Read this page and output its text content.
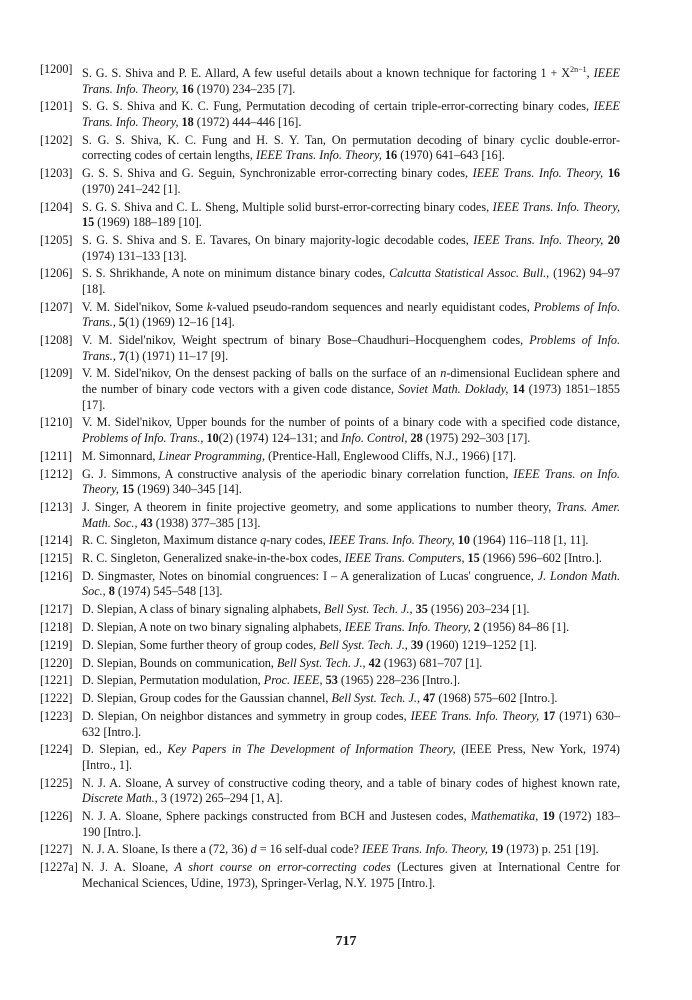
[1200] S. G. S. Shiva and P. E. Allard, A few useful details about a known technique for factoring $1 + X^{2n-1}$, IEEE Trans. Info. Theory, 16 (1970) 234–235 [7].
[1201] S. G. S. Shiva and K. C. Fung, Permutation decoding of certain triple-error-correcting binary codes, IEEE Trans. Info. Theory, 18 (1972) 444–446 [16].
[1202] S. G. S. Shiva, K. C. Fung and H. S. Y. Tan, On permutation decoding of binary cyclic double-error-correcting codes of certain lengths, IEEE Trans. Info. Theory, 16 (1970) 641–643 [16].
[1203] G. S. S. Shiva and G. Seguin, Synchronizable error-correcting binary codes, IEEE Trans. Info. Theory, 16 (1970) 241–242 [1].
[1204] S. G. S. Shiva and C. L. Sheng, Multiple solid burst-error-correcting binary codes, IEEE Trans. Info. Theory, 15 (1969) 188–189 [10].
[1205] S. G. S. Shiva and S. E. Tavares, On binary majority-logic decodable codes, IEEE Trans. Info. Theory, 20 (1974) 131–133 [13].
[1206] S. S. Shrikhande, A note on minimum distance binary codes, Calcutta Statistical Assoc. Bull., (1962) 94–97 [18].
[1207] V. M. Sidel'nikov, Some k-valued pseudo-random sequences and nearly equidistant codes, Problems of Info. Trans., 5(1) (1969) 12–16 [14].
[1208] V. M. Sidel'nikov, Weight spectrum of binary Bose–Chaudhuri–Hocquenghem codes, Problems of Info. Trans., 7(1) (1971) 11–17 [9].
[1209] V. M. Sidel'nikov, On the densest packing of balls on the surface of an n-dimensional Euclidean sphere and the number of binary code vectors with a given code distance, Soviet Math. Doklady, 14 (1973) 1851–1855 [17].
[1210] V. M. Sidel'nikov, Upper bounds for the number of points of a binary code with a specified code distance, Problems of Info. Trans., 10(2) (1974) 124–131; and Info. Control, 28 (1975) 292–303 [17].
[1211] M. Simonnard, Linear Programming, (Prentice-Hall, Englewood Cliffs, N.J., 1966) [17].
[1212] G. J. Simmons, A constructive analysis of the aperiodic binary correlation function, IEEE Trans. on Info. Theory, 15 (1969) 340–345 [14].
[1213] J. Singer, A theorem in finite projective geometry, and some applications to number theory, Trans. Amer. Math. Soc., 43 (1938) 377–385 [13].
[1214] R. C. Singleton, Maximum distance q-nary codes, IEEE Trans. Info. Theory, 10 (1964) 116–118 [1, 11].
[1215] R. C. Singleton, Generalized snake-in-the-box codes, IEEE Trans. Computers, 15 (1966) 596–602 [Intro.].
[1216] D. Singmaster, Notes on binomial congruences: I – A generalization of Lucas' congruence, J. London Math. Soc., 8 (1974) 545–548 [13].
[1217] D. Slepian, A class of binary signaling alphabets, Bell Syst. Tech. J., 35 (1956) 203–234 [1].
[1218] D. Slepian, A note on two binary signaling alphabets, IEEE Trans. Info. Theory, 2 (1956) 84–86 [1].
[1219] D. Slepian, Some further theory of group codes, Bell Syst. Tech. J., 39 (1960) 1219–1252 [1].
[1220] D. Slepian, Bounds on communication, Bell Syst. Tech. J., 42 (1963) 681–707 [1].
[1221] D. Slepian, Permutation modulation, Proc. IEEE, 53 (1965) 228–236 [Intro.].
[1222] D. Slepian, Group codes for the Gaussian channel, Bell Syst. Tech. J., 47 (1968) 575–602 [Intro.].
[1223] D. Slepian, On neighbor distances and symmetry in group codes, IEEE Trans. Info. Theory, 17 (1971) 630–632 [Intro.].
[1224] D. Slepian, ed., Key Papers in The Development of Information Theory, (IEEE Press, New York, 1974) [Intro., 1].
[1225] N. J. A. Sloane, A survey of constructive coding theory, and a table of binary codes of highest known rate, Discrete Math., 3 (1972) 265–294 [1, A].
[1226] N. J. A. Sloane, Sphere packings constructed from BCH and Justesen codes, Mathematika, 19 (1972) 183–190 [Intro.].
[1227] N. J. A. Sloane, Is there a (72, 36) d = 16 self-dual code? IEEE Trans. Info. Theory, 19 (1973) p. 251 [19].
[1227a] N. J. A. Sloane, A short course on error-correcting codes (Lectures given at International Centre for Mechanical Sciences, Udine, 1973), Springer-Verlag, N.Y. 1975 [Intro.].
717
